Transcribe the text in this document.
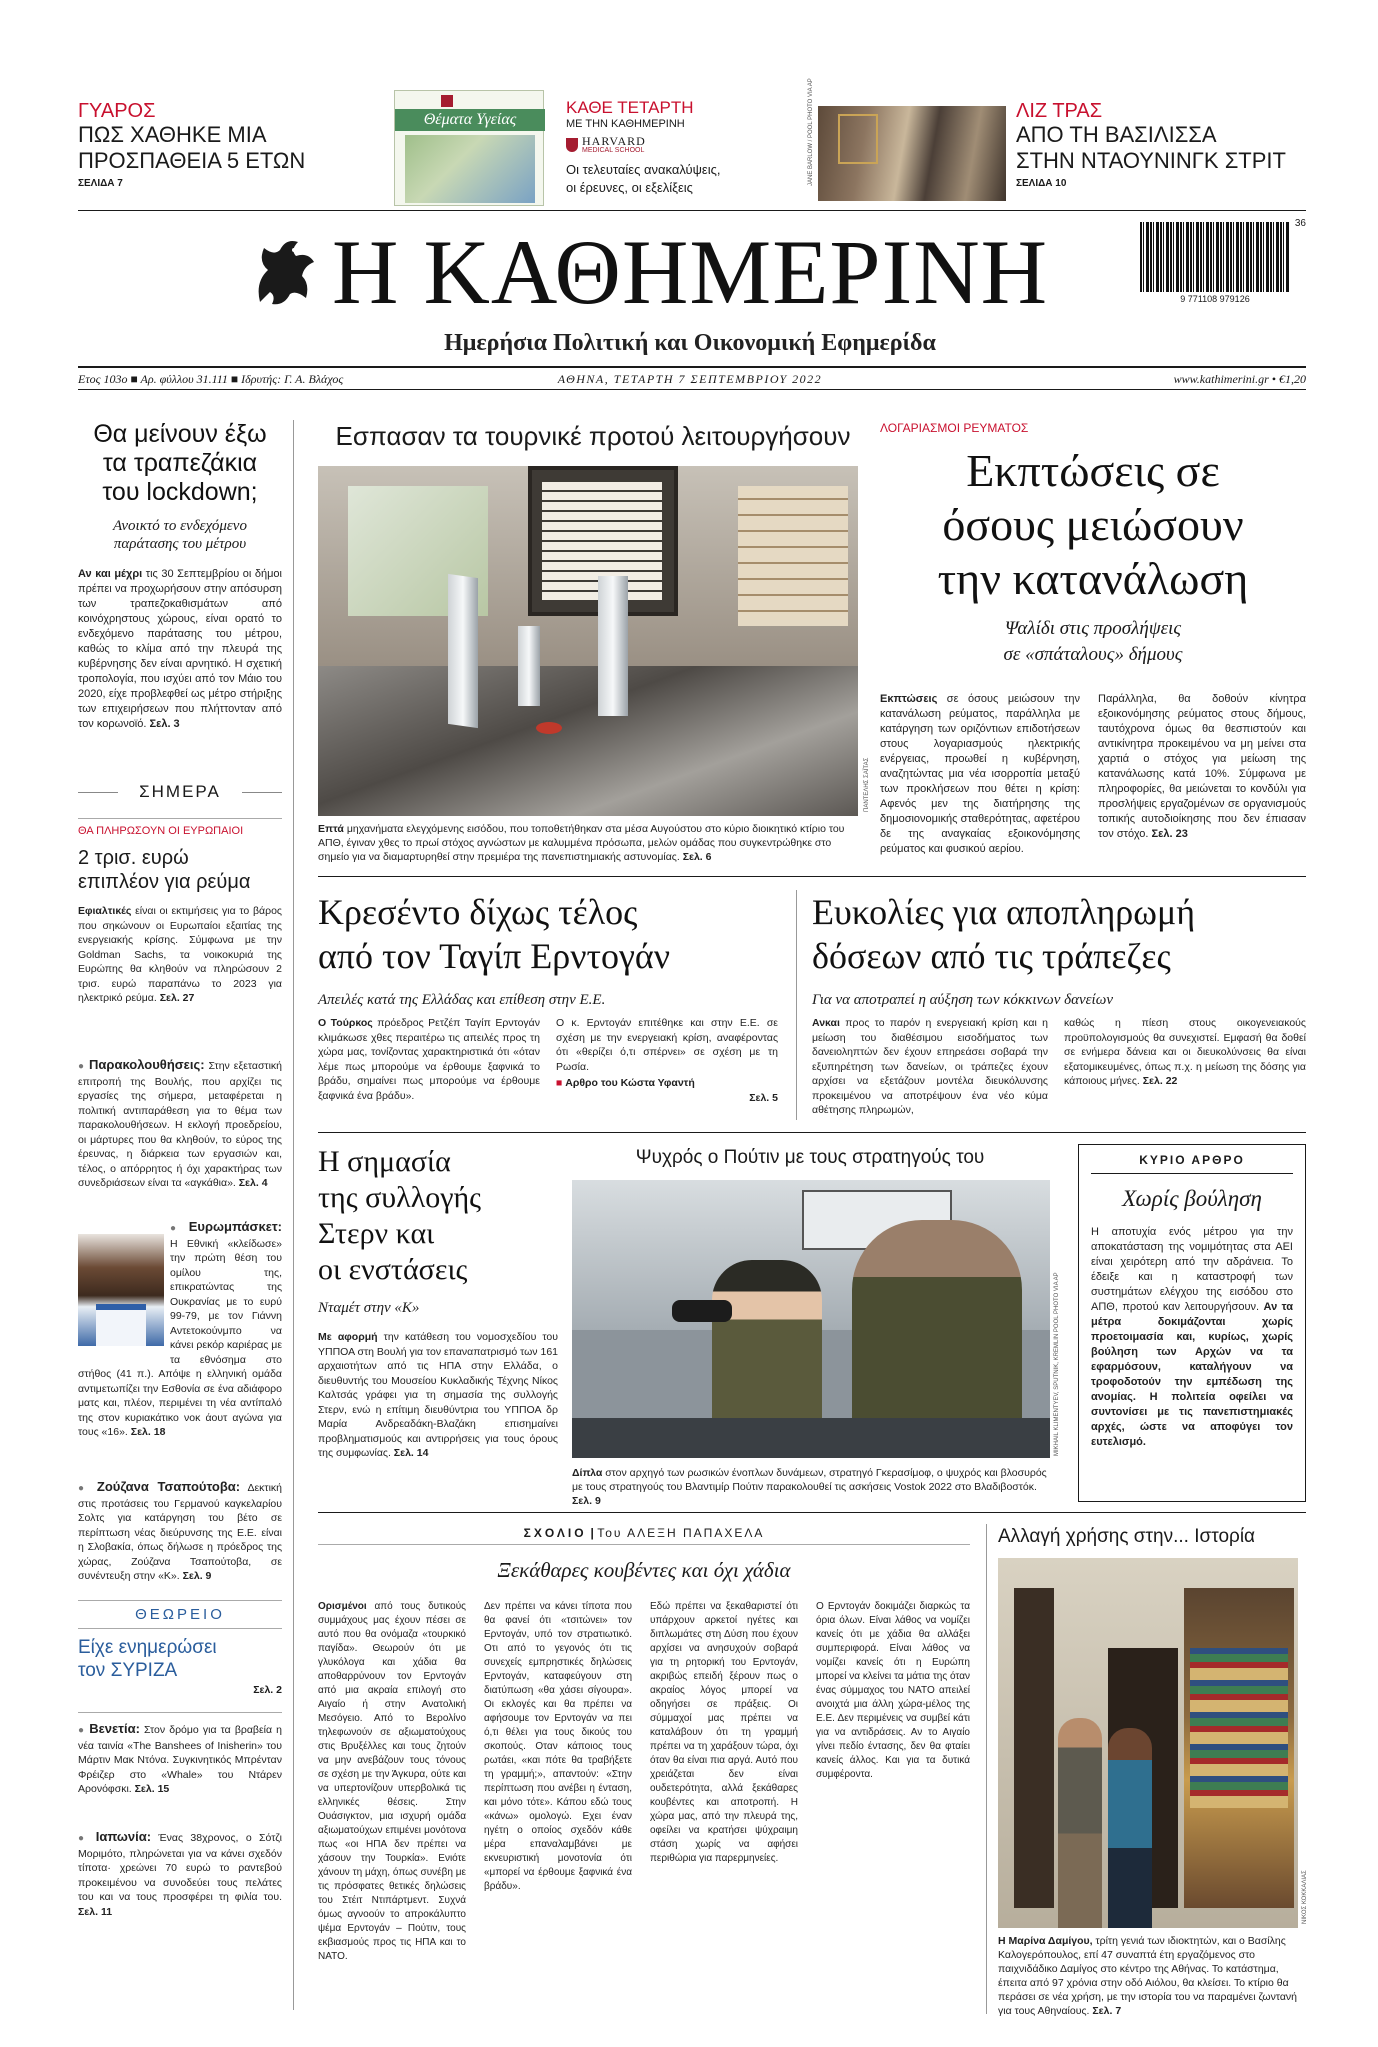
ΓΥΑΡΟΣ
ΠΩΣ ΧΑΘΗΚΕ ΜΙΑ
ΠΡΟΣΠΑΘΕΙΑ 5 ΕΤΩΝ
ΣΕΛΙΔΑ 7
Θέματα Υγείας
ΚΑΘΕ ΤΕΤΑΡΤΗ
ΜΕ ΤΗΝ ΚΑΘΗΜΕΡΙΝΗ
HARVARD
MEDICAL SCHOOL
Οι τελευταίες ανακαλύψεις,
οι έρευνες, οι εξελίξεις
JANE BARLOW / POOL PHOTO VIA AP	ΛΙΖ ΤΡΑΣ
ΑΠΟ ΤΗ ΒΑΣΙΛΙΣΣΑ
ΣΤΗΝ ΝΤΑΟΥΝΙΝΓΚ ΣΤΡΙΤ
ΣΕΛΙΔΑ 10
Η ΚΑΘΗΜΕΡΙΝΗ	36
9 771108 979126
Ημερήσια Πολιτική και Οικονομική Εφημερίδα
Ετος 103ο ■ Αρ. φύλλου 31.111 ■ Ιδρυτής: Γ. Α. Βλάχος	ΑΘΗΝΑ, ΤΕΤΑΡΤΗ 7 ΣΕΠΤΕΜΒΡΙΟΥ 2022	www.kathimerini.gr • €1,20
Θα μείνουν έξω
τα τραπεζάκια
του lockdown;
Ανοικτό το ενδεχόμενο
παράτασης του μέτρου
Αν και μέχρι τις 30 Σεπτεμβρίου οι δήμοι πρέπει να προχωρήσουν στην απόσυρση των τραπεζοκαθισμάτων από κοινόχρηστους χώρους, είναι ορατό το ενδεχόμενο παράτασης του μέτρου, καθώς το κλίμα από την πλευρά της κυβέρνησης δεν είναι αρνητικό. Η σχετική τροπολογία, που ισχύει από τον Μάιο του 2020, είχε προβλεφθεί ως μέτρο στήριξης των επιχειρήσεων που πλήττονταν από τον κορωνοϊό. Σελ. 3
ΣΗΜΕΡΑ
ΘΑ ΠΛΗΡΩΣΟΥΝ ΟΙ ΕΥΡΩΠΑΙΟΙ
2 τρισ. ευρώ
επιπλέον για ρεύμα
Εφιαλτικές είναι οι εκτιμήσεις για το βάρος που σηκώνουν οι Ευρωπαίοι εξαιτίας της ενεργειακής κρίσης. Σύμφωνα με την Goldman Sachs, τα νοικοκυριά της Ευρώπης θα κληθούν να πληρώσουν 2 τρισ. ευρώ παραπάνω το 2023 για ηλεκτρικό ρεύμα. Σελ. 27
● Παρακολουθήσεις: Στην εξεταστική επιτροπή της Βουλής, που αρχίζει τις εργασίες της σήμερα, μεταφέρεται η πολιτική αντιπαράθεση για το θέμα των παρακολουθήσεων. Η εκλογή προεδρείου, οι μάρτυρες που θα κληθούν, το εύρος της έρευνας, η διάρκεια των εργασιών και, τέλος, ο απόρρητος ή όχι χαρακτήρας των συνεδριάσεων είναι τα «αγκάθια». Σελ. 4
● Ευρωμπάσκετ: Η Εθνική «κλείδωσε» την πρώτη θέση του ομίλου της, επικρατώντας της Ουκρανίας με το ευρύ 99-79, με τον Γιάννη Αντετοκούνμπο να κάνει ρεκόρ καριέρας με τα εθνόσημα στο στήθος (41 π.). Απόψε η ελληνική ομάδα αντιμετωπίζει την Εσθονία σε ένα αδιάφορο ματς και, πλέον, περιμένει τη νέα αντίπαλό της στον κυριακάτικο νοκ άουτ αγώνα για τους «16». Σελ. 18
● Ζούζανα Τσαπούτοβα: Δεκτική στις προτάσεις του Γερμανού καγκελαρίου Σολτς για κατάργηση του βέτο σε περίπτωση νέας διεύρυνσης της Ε.Ε. είναι η Σλοβακία, όπως δήλωσε η πρόεδρος της χώρας, Ζούζανα Τσαπούτοβα, σε συνέντευξη στην «Κ». Σελ. 9
ΘΕΩΡΕΙΟ
Είχε ενημερώσει
τον ΣΥΡΙΖΑ
Σελ. 2
● Βενετία: Στον δρόμο για τα βραβεία η νέα ταινία «The Banshees of Inisherin» του Μάρτιν Μακ Ντόνα. Συγκινητικός Μπρένταν Φρέιζερ στο «Whale» του Ντάρεν Αρονόφσκι. Σελ. 15
● Ιαπωνία: Ένας 38χρονος, ο Σότζι Μοριμότο, πληρώνεται για να κάνει σχεδόν τίποτα· χρεώνει 70 ευρώ το ραντεβού προκειμένου να συνοδεύει τους πελάτες του και να τους προσφέρει τη φιλία του. Σελ. 11
Εσπασαν τα τουρνικέ προτού λειτουργήσουν
ΠΑΝΤΕΛΗΣ ΣΑΪΤΑΣ
Επτά μηχανήματα ελεγχόμενης εισόδου, που τοποθετήθηκαν στα μέσα Αυγούστου στο κύριο διοικητικό κτίριο του ΑΠΘ, έγιναν χθες το πρωί στόχος αγνώστων με καλυμμένα πρόσωπα, μελών ομάδας που συγκεντρώθηκε στο σημείο για να διαμαρτυρηθεί στην πρεμιέρα της πανεπιστημιακής αστυνομίας. Σελ. 6
ΛΟΓΑΡΙΑΣΜΟΙ ΡΕΥΜΑΤΟΣ
Εκπτώσεις σε
όσους μειώσουν
την κατανάλωση
Ψαλίδι στις προσλήψεις
σε «σπάταλους» δήμους
Εκπτώσεις σε όσους μειώσουν την κατανάλωση ρεύματος, παράλληλα με κατάργηση των οριζόντιων επιδοτήσεων στους λογαριασμούς ηλεκτρικής ενέργειας, προωθεί η κυβέρνηση, αναζητώντας μια νέα ισορροπία μεταξύ των προκλήσεων που θέτει η κρίση: Αφενός μεν της διατήρησης της δημοσιονομικής σταθερότητας, αφετέρου δε της αναγκαίας εξοικονόμησης ρεύματος και φυσικού αερίου.
Παράλληλα, θα δοθούν κίνητρα εξοικονόμησης ρεύματος στους δήμους, ταυτόχρονα όμως θα θεσπιστούν και αντικίνητρα προκειμένου να μη μείνει στα χαρτιά ο στόχος για μείωση της κατανάλωσης κατά 10%. Σύμφωνα με πληροφορίες, θα μειώνεται το κονδύλι για προσλήψεις εργαζομένων σε οργανισμούς τοπικής αυτοδιοίκησης που δεν έπιασαν τον στόχο. Σελ. 23
Κρεσέντο δίχως τέλος
από τον Ταγίπ Ερντογάν
Απειλές κατά της Ελλάδας και επίθεση στην Ε.Ε.
Ο Τούρκος πρόεδρος Ρετζέπ Ταγίπ Ερντογάν κλιμάκωσε χθες περαιτέρω τις απειλές προς τη χώρα μας, τονίζοντας χαρακτηριστικά ότι «όταν λέμε πως μπορούμε να έρθουμε ξαφνικά το βράδυ, σημαίνει πως μπορούμε να έρθουμε ξαφνικά ένα βράδυ».
Ο κ. Ερντογάν επιτέθηκε και στην Ε.Ε. σε σχέση με την ενεργειακή κρίση, αναφέροντας ότι «θερίζει ό,τι σπέρνει» σε σχέση με τη Ρωσία.
■ Αρθρο του Κώστα Υφαντή
Σελ. 5
Ευκολίες για αποπληρωμή
δόσεων από τις τράπεζες
Για να αποτραπεί η αύξηση των κόκκινων δανείων
Ανκαι προς το παρόν η ενεργειακή κρίση και η μείωση του διαθέσιμου εισοδήματος των δανειοληπτών δεν έχουν επηρεάσει σοβαρά την εξυπηρέτηση των δανείων, οι τράπεζες έχουν αρχίσει να εξετάζουν μοντέλα διευκόλυνσης προκειμένου να αποτρέψουν ένα νέο κύμα αθέτησης πληρωμών,
καθώς η πίεση στους οικογενειακούς προϋπολογισμούς θα συνεχιστεί. Εμφασή θα δοθεί σε ενήμερα δάνεια και οι διευκολύνσεις θα είναι εξατομικευμένες, όπως π.χ. η μείωση της δόσης για κάποιους μήνες. Σελ. 22
Η σημασία
της συλλογής
Στερν και
οι ενστάσεις
Νταμέτ στην «Κ»
Με αφορμή την κατάθεση του νομοσχεδίου του ΥΠΠΟΑ στη Βουλή για τον επαναπατρισμό των 161 αρχαιοτήτων από τις ΗΠΑ στην Ελλάδα, ο διευθυντής του Μουσείου Κυκλαδικής Τέχνης Νίκος Καλτσάς γράφει για τη σημασία της συλλογής Στερν, ενώ η επίτιμη διευθύντρια του ΥΠΠΟΑ δρ Μαρία Ανδρεαδάκη-Βλαζάκη επισημαίνει προβληματισμούς και αντιρρήσεις για τους όρους της συμφωνίας. Σελ. 14
Ψυχρός ο Πούτιν με τους στρατηγούς του
MIKHAIL KLIMENTYEV, SPUTNIK, KREMLIN POOL PHOTO VIA AP
Δίπλα στον αρχηγό των ρωσικών ένοπλων δυνάμεων, στρατηγό Γκερασίμοφ, ο ψυχρός και βλοσυρός με τους στρατηγούς του Βλαντιμίρ Πούτιν παρακολουθεί τις ασκήσεις Vostok 2022 στο Βλαδιβοστόκ. Σελ. 9
ΚΥΡΙΟ ΑΡΘΡΟ
Χωρίς βούληση
Η αποτυχία ενός μέτρου για την αποκατάσταση της νομιμότητας στα ΑΕΙ είναι χειρότερη από την αδράνεια. Το έδειξε και η καταστροφή των συστημάτων ελέγχου της εισόδου στο ΑΠΘ, προτού καν λειτουργήσουν. Αν τα μέτρα δοκιμάζονται χωρίς προετοιμασία και, κυρίως, χωρίς βούληση των Αρχών να τα εφαρμόσουν, καταλήγουν να τροφοδοτούν την εμπέδωση της ανομίας. Η πολιτεία οφείλει να συντονίσει με τις πανεπιστημιακές αρχές, ώστε να αποφύγει τον ευτελισμό.
ΣΧΟΛΙΟ | Του ΑΛΕΞΗ ΠΑΠΑΧΕΛΑ
Ξεκάθαρες κουβέντες και όχι χάδια
Ορισμένοι από τους δυτικούς συμμάχους μας έχουν πέσει σε αυτό που θα ονόμαζα «τουρκικό παγίδα». Θεωρούν ότι με γλυκόλογα και χάδια θα αποθαρρύνουν τον Ερντογάν από μια ακραία επιλογή στο Αιγαίο ή στην Ανατολική Μεσόγειο. Από το Βερολίνο τηλεφωνούν σε αξιωματούχους στις Βρυξέλλες και τους ζητούν να μην ανεβάζουν τους τόνους σε σχέση με την Άγκυρα, ούτε και να υπερτονίζουν υπερβολικά τις ελληνικές θέσεις. Στην Ουάσιγκτον, μια ισχυρή ομάδα αξιωματούχων επιμένει μονότονα πως «οι ΗΠΑ δεν πρέπει να χάσουν την Τουρκία». Ενιότε χάνουν τη μάχη, όπως συνέβη με τις πρόσφατες θετικές δηλώσεις του Στέιτ Ντιπάρτμεντ. Συχνά όμως αγνοούν το απροκάλυπτο ψέμα Ερντογάν – Πούτιν, τους εκβιασμούς προς τις ΗΠΑ και το ΝΑΤΟ.
Δεν πρέπει να κάνει τίποτα που θα φανεί ότι «τσιτώνει» τον Ερντογάν, υπό τον στρατιωτικό. Οτι από το γεγονός ότι τις συνεχείς εμπρηστικές δηλώσεις Ερντογάν, καταφεύγουν στη διατύπωση «θα χάσει σίγουρα». Οι εκλογές και θα πρέπει να αφήσουμε τον Ερντογάν να πει ό,τι θέλει για τους δικούς του σκοπούς. Οταν κάποιος τους ρωτάει, «και πότε θα τραβήξετε τη γραμμή;», απαντούν: «Στην περίπτωση που ανέβει η ένταση, και μόνο τότε». Κάπου εδώ τους «κάνω» ομολογώ. Εχει έναν ηγέτη ο οποίος σχεδόν κάθε μέρα επαναλαμβάνει με εκνευριστική μονοτονία ότι «μπορεί να έρθουμε ξαφνικά ένα βράδυ».
Εδώ πρέπει να ξεκαθαριστεί ότι υπάρχουν αρκετοί ηγέτες και διπλωμάτες στη Δύση που έχουν αρχίσει να ανησυχούν σοβαρά για τη ρητορική του Ερντογάν, ακριβώς επειδή ξέρουν πως ο ακραίος λόγος μπορεί να οδηγήσει σε πράξεις. Οι σύμμαχοί μας πρέπει να καταλάβουν ότι τη γραμμή πρέπει να τη χαράξουν τώρα, όχι όταν θα είναι πια αργά. Αυτό που χρειάζεται δεν είναι ουδετερότητα, αλλά ξεκάθαρες κουβέντες και αποτροπή. Η χώρα μας, από την πλευρά της, οφείλει να κρατήσει ψύχραιμη στάση χωρίς να αφήσει περιθώρια για παρερμηνείες.
Ο Ερντογάν δοκιμάζει διαρκώς τα όρια όλων. Είναι λάθος να νομίζει κανείς ότι με χάδια θα αλλάξει συμπεριφορά. Είναι λάθος να νομίζει κανείς ότι η Ευρώπη μπορεί να κλείνει τα μάτια της όταν ένας σύμμαχος του ΝΑΤΟ απειλεί ανοιχτά μια άλλη χώρα-μέλος της Ε.Ε. Δεν περιμένεις να συμβεί κάτι για να αντιδράσεις. Αν το Αιγαίο γίνει πεδίο έντασης, δεν θα φταίει κανείς άλλος. Και για τα δυτικά συμφέροντα.
Αλλαγή χρήσης στην... Ιστορία
ΝΙΚΟΣ ΚΟΚΚΑΛΙΑΣ
Η Μαρίνα Δαμίγου, τρίτη γενιά των ιδιοκτητών, και ο Βασίλης Καλογερόπουλος, επί 47 συναπτά έτη εργαζόμενος στο παιχνιδάδικο Δαμίγος στο κέντρο της Αθήνας. Το κατάστημα, έπειτα από 97 χρόνια στην οδό Αιόλου, θα κλείσει. Το κτίριο θα περάσει σε νέα χρήση, με την ιστορία του να παραμένει ζωντανή για τους Αθηναίους. Σελ. 7
